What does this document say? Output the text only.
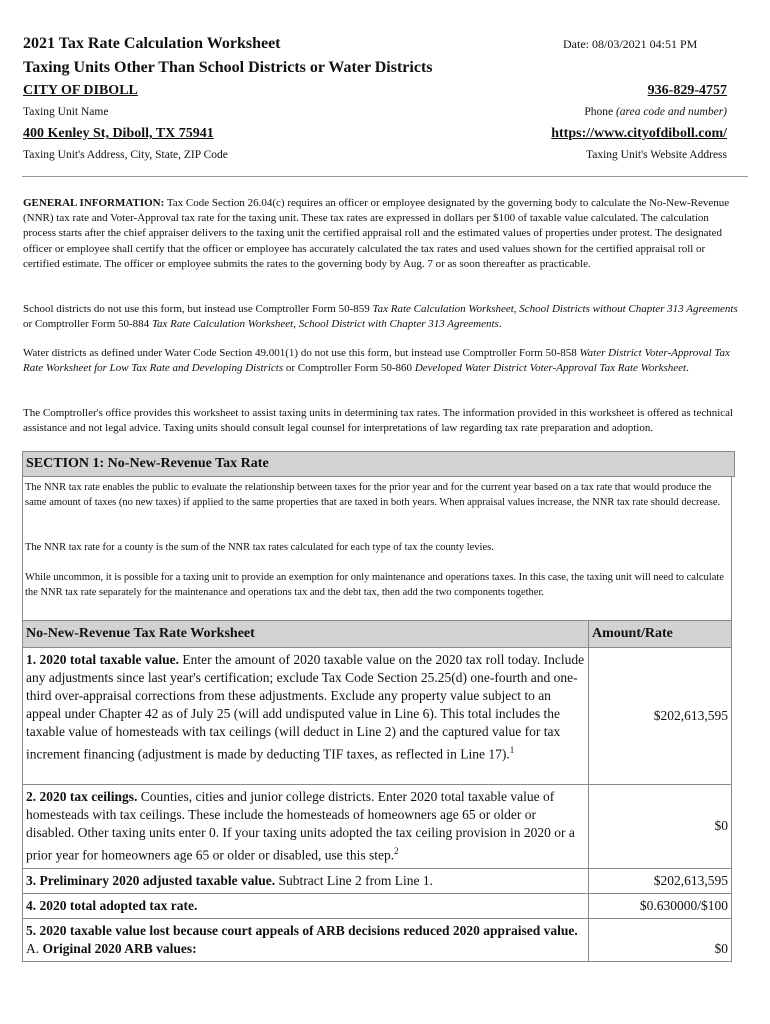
2021 Tax Rate Calculation Worksheet	Date: 08/03/2021 04:51 PM
Taxing Units Other Than School Districts or Water Districts
CITY OF DIBOLL	936-829-4757
Taxing Unit Name	Phone (area code and number)
400 Kenley St, Diboll, TX 75941	https://www.cityofdiboll.com/
Taxing Unit's Address, City, State, ZIP Code	Taxing Unit's Website Address
GENERAL INFORMATION: Tax Code Section 26.04(c) requires an officer or employee designated by the governing body to calculate the No-New-Revenue (NNR) tax rate and Voter-Approval tax rate for the taxing unit. These tax rates are expressed in dollars per $100 of taxable value calculated. The calculation process starts after the chief appraiser delivers to the taxing unit the certified appraisal roll and the estimated values of properties under protest. The designated officer or employee shall certify that the officer or employee has accurately calculated the tax rates and used values shown for the certified appraisal roll or certified estimate. The officer or employee submits the rates to the governing body by Aug. 7 or as soon thereafter as practicable.
School districts do not use this form, but instead use Comptroller Form 50-859 Tax Rate Calculation Worksheet, School Districts without Chapter 313 Agreements or Comptroller Form 50-884 Tax Rate Calculation Worksheet, School District with Chapter 313 Agreements.
Water districts as defined under Water Code Section 49.001(1) do not use this form, but instead use Comptroller Form 50-858 Water District Voter-Approval Tax Rate Worksheet for Low Tax Rate and Developing Districts or Comptroller Form 50-860 Developed Water District Voter-Approval Tax Rate Worksheet.
The Comptroller's office provides this worksheet to assist taxing units in determining tax rates. The information provided in this worksheet is offered as technical assistance and not legal advice. Taxing units should consult legal counsel for interpretations of law regarding tax rate preparation and adoption.
SECTION 1: No-New-Revenue Tax Rate
The NNR tax rate enables the public to evaluate the relationship between taxes for the prior year and for the current year based on a tax rate that would produce the same amount of taxes (no new taxes) if applied to the same properties that are taxed in both years. When appraisal values increase, the NNR tax rate should decrease.
The NNR tax rate for a county is the sum of the NNR tax rates calculated for each type of tax the county levies.
While uncommon, it is possible for a taxing unit to provide an exemption for only maintenance and operations taxes. In this case, the taxing unit will need to calculate the NNR tax rate separately for the maintenance and operations tax and the debt tax, then add the two components together.
No-New-Revenue Tax Rate Worksheet	Amount/Rate
1. 2020 total taxable value. Enter the amount of 2020 taxable value on the 2020 tax roll today. Include any adjustments since last year's certification; exclude Tax Code Section 25.25(d) one-fourth and one-third over-appraisal corrections from these adjustments. Exclude any property value subject to an appeal under Chapter 42 as of July 25 (will add undisputed value in Line 6). This total includes the taxable value of homesteads with tax ceilings (will deduct in Line 2) and the captured value for tax increment financing (adjustment is made by deducting TIF taxes, as reflected in Line 17).$^1$	$202,613,595
2. 2020 tax ceilings. Counties, cities and junior college districts. Enter 2020 total taxable value of homesteads with tax ceilings. These include the homesteads of homeowners age 65 or older or disabled. Other taxing units enter 0. If your taxing units adopted the tax ceiling provision in 2020 or a prior year for homeowners age 65 or older or disabled, use this step.$^2$	$0
3. Preliminary 2020 adjusted taxable value. Subtract Line 2 from Line 1.	$202,613,595
4. 2020 total adopted tax rate.	$0.630000/$100
5. 2020 taxable value lost because court appeals of ARB decisions reduced 2020 appraised value.
A. Original 2020 ARB values:	$0
